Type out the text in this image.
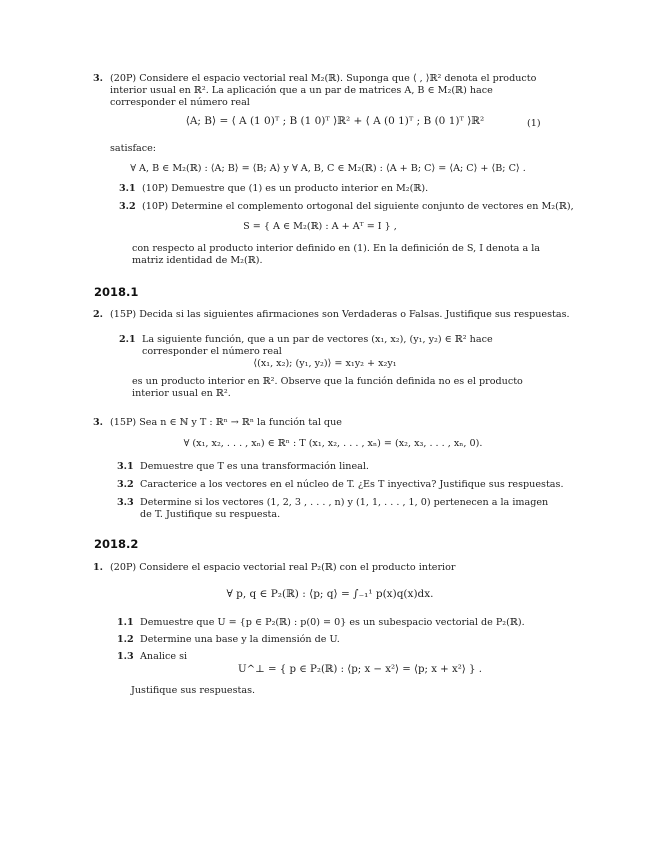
3. (20P) Considere el espacio vectorial real M₂(ℝ). Suponga que ⟨ , ⟩ℝ² denota el producto interior usual en ℝ². La aplicación que a un par de matrices A, B ∈ M₂(ℝ) hace corresponder el número real
⟨A; B⟩ = ⟨ A (1 0)ᵀ ; B (1 0)ᵀ ⟩ℝ² + ⟨ A (0 1)ᵀ ; B (0 1)ᵀ ⟩ℝ²	(1)
satisface:
∀ A, B ∈ M₂(ℝ) : ⟨A; B⟩ = ⟨B; A⟩ y ∀ A, B, C ∈ M₂(ℝ) : ⟨A + B; C⟩ = ⟨A; C⟩ + ⟨B; C⟩ .
3.1 (10P) Demuestre que (1) es un producto interior en M₂(ℝ).
3.2 (10P) Determine el complemento ortogonal del siguiente conjunto de vectores en M₂(ℝ),
S = { A ∈ M₂(ℝ) : A + Aᵀ = I } ,
con respecto al producto interior definido en (1). En la definición de S, I denota a la matriz identidad de M₂(ℝ).
2018.1
2. (15P) Decida si las siguientes afirmaciones son Verdaderas o Falsas. Justifique sus respuestas.
2.1 La siguiente función, que a un par de vectores (x₁, x₂), (y₁, y₂) ∈ ℝ² hace corresponder el número real
⟨(x₁, x₂); (y₁, y₂)⟩ = x₁y₂ + x₂y₁
es un producto interior en ℝ². Observe que la función definida no es el producto interior usual en ℝ².
3. (15P) Sea n ∈ ℕ y T : ℝⁿ → ℝⁿ la función tal que
∀ (x₁, x₂, . . . , xₙ) ∈ ℝⁿ : T (x₁, x₂, . . . , xₙ) = (x₂, x₃, . . . , xₙ, 0).
3.1 Demuestre que T es una transformación lineal.
3.2 Caracterice a los vectores en el núcleo de T. ¿Es T inyectiva? Justifique sus respuestas.
3.3 Determine si los vectores (1, 2, 3 , . . . , n) y (1, 1, . . . , 1, 0) pertenecen a la imagen de T. Justifique su respuesta.
2018.2
1. (20P) Considere el espacio vectorial real P₂(ℝ) con el producto interior
∀ p, q ∈ P₂(ℝ) : ⟨p; q⟩ = ∫₋₁¹ p(x)q(x)dx.
1.1 Demuestre que U = {p ∈ P₂(ℝ) : p(0) = 0} es un subespacio vectorial de P₂(ℝ).
1.2 Determine una base y la dimensión de U.
1.3 Analice si
U^⊥ = { p ∈ P₂(ℝ) : ⟨p; x − x²⟩ = ⟨p; x + x²⟩ } .
Justifique sus respuestas.
